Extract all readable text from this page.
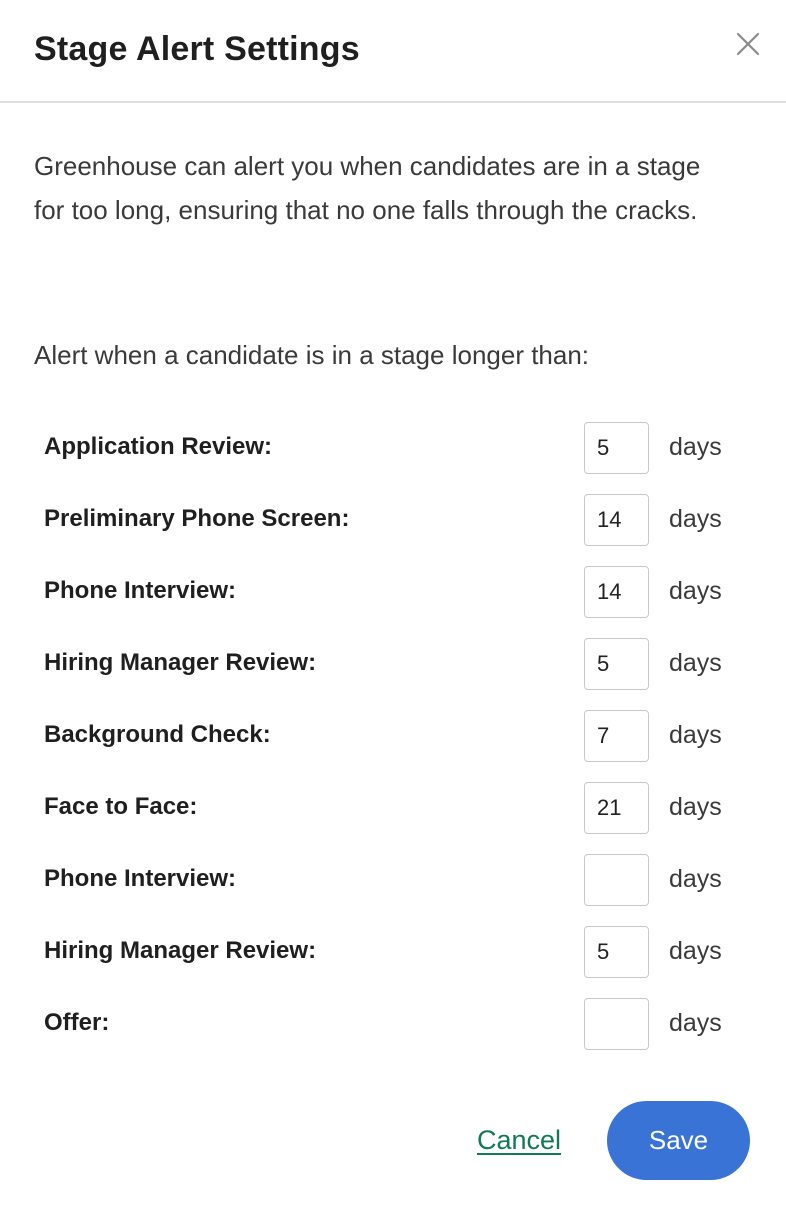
Stage Alert Settings

Greenhouse can alert you when candidates are in a stage for too long, ensuring that no one falls through the cracks.

Alert when a candidate is in a stage longer than:

Application Review:
5	days
Preliminary Phone Screen:
14	days
Phone Interview:
14	days
Hiring Manager Review:
5	days
Background Check:
7	days
Face to Face:
21	days
Phone Interview:	days
Hiring Manager Review:
5	days
Offer:	days
Cancel	Save
